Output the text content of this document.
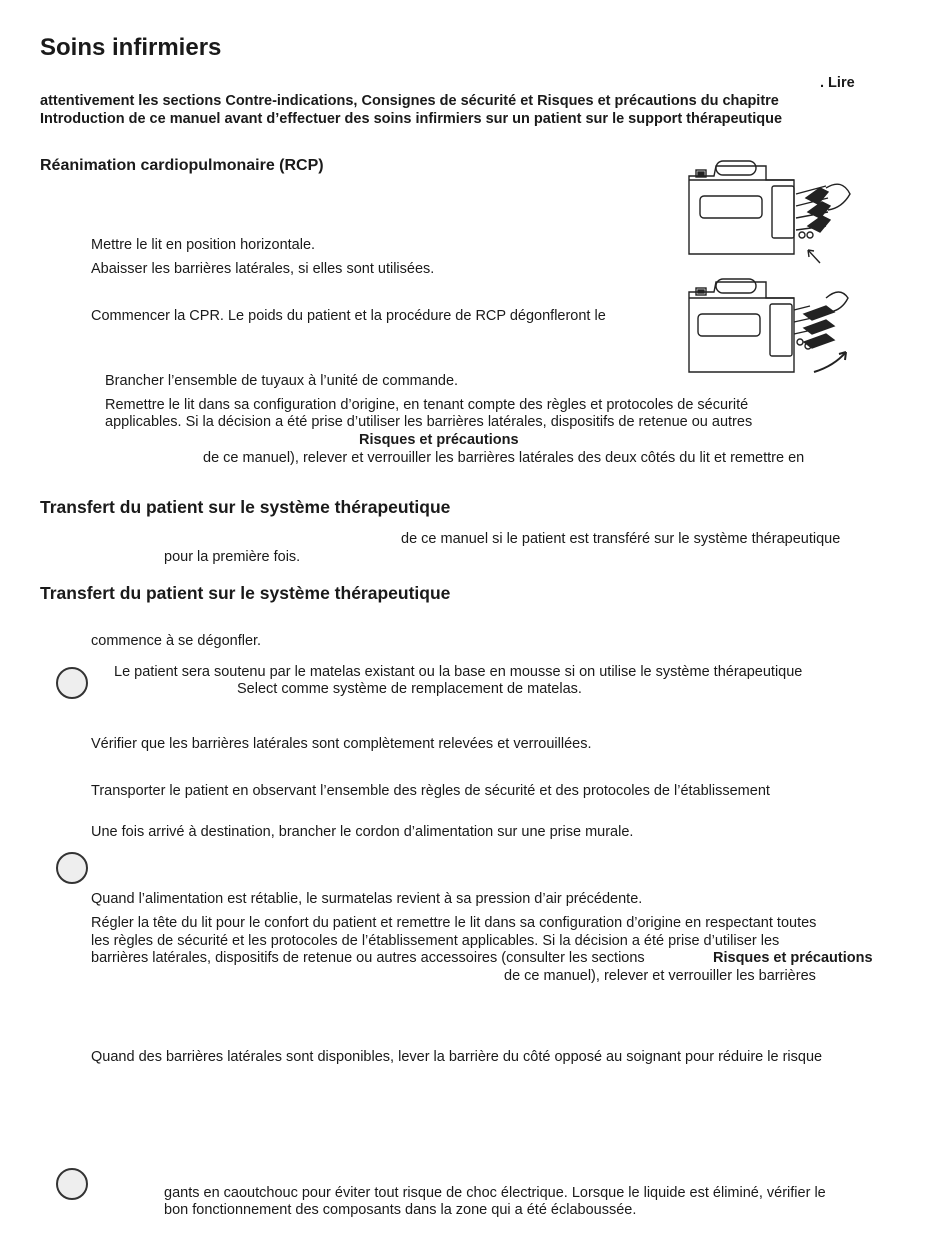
Soins infirmiers
. Lire
attentivement les sections Contre-indications, Consignes de sécurité et Risques et précautions du chapitre
Introduction de ce manuel avant d’effectuer des soins infirmiers sur un patient sur le support thérapeutique
Réanimation cardiopulmonaire (RCP)
Mettre le lit en position horizontale.
Abaisser les barrières latérales, si elles sont utilisées.
Commencer la CPR. Le poids du patient et la procédure de RCP dégonfleront le
Brancher l’ensemble de tuyaux à l’unité de commande.
Remettre le lit dans sa configuration d’origine, en tenant compte des règles et protocoles de sécurité
applicables. Si la décision a été prise d’utiliser les barrières latérales, dispositifs de retenue ou autres
Risques et précautions
de ce manuel), relever et verrouiller les barrières latérales des deux côtés du lit et remettre en
Transfert du patient sur le système thérapeutique
de ce manuel si le patient est transféré sur le système thérapeutique
pour la première fois.
Transfert du patient sur le système thérapeutique
commence à se dégonfler.
Le patient sera soutenu par le matelas existant ou la base en mousse si on utilise le système thérapeutique
Select comme système de remplacement de matelas.
Vérifier que les barrières latérales sont complètement relevées et verrouillées.
Transporter le patient en observant l’ensemble des règles de sécurité et des protocoles de l’établissement
Une fois arrivé à destination, brancher le cordon d’alimentation sur une prise murale.
Quand l’alimentation est rétablie, le surmatelas revient à sa pression d’air précédente.
Régler la tête du lit pour le confort du patient et remettre le lit dans sa configuration d’origine en respectant toutes
les règles de sécurité et les protocoles de l’établissement applicables. Si la décision a été prise d’utiliser les
barrières latérales, dispositifs de retenue ou autres accessoires (consulter les sections	Risques et précautions
de ce manuel), relever et verrouiller les barrières
Quand des barrières latérales sont disponibles, lever la barrière du côté opposé au soignant pour réduire le risque
gants en caoutchouc pour éviter tout risque de choc électrique. Lorsque le liquide est éliminé, vérifier le
bon fonctionnement des composants dans la zone qui a été éclaboussée.
